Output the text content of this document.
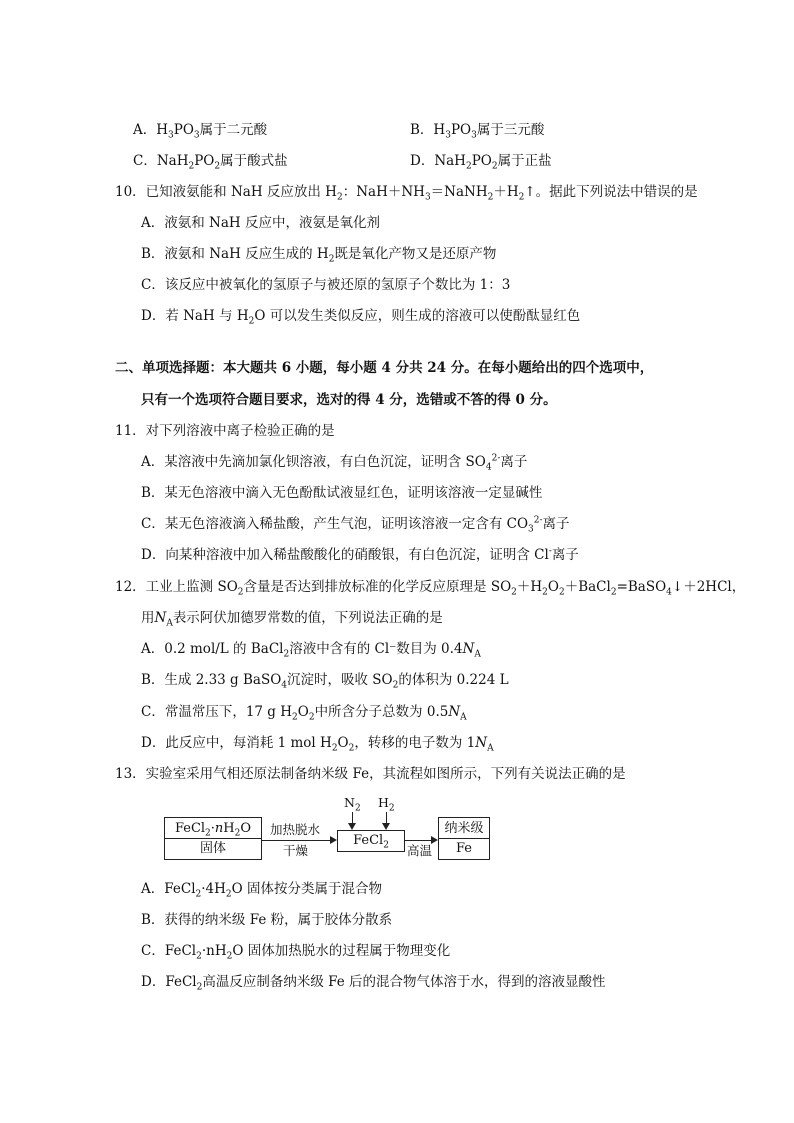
A．$H_3PO_3$属于二元酸	B．$H_3PO_3$属于三元酸
C．$NaH_2PO_2$属于酸式盐	D．$NaH_2PO_2$属于正盐
10．已知液氨能和 NaH 反应放出 $H_2$：$NaH+NH_3=NaNH_2+H_2↑$。据此下列说法中错误的是
A．液氨和 NaH 反应中，液氨是氧化剂
B．液氨和 NaH 反应生成的 $H_2$既是氧化产物又是还原产物
C．该反应中被氧化的氢原子与被还原的氢原子个数比为 1：3
D．若 NaH 与 $H_2O$ 可以发生类似反应，则生成的溶液可以使酚酞显红色
二、单项选择题：本大题共 6 小题，每小题 4 分共 24 分。在每小题给出的四个选项中，
只有一个选项符合题目要求，选对的得 4 分，选错或不答的得 0 分。
11．对下列溶液中离子检验正确的是
A．某溶液中先滴加氯化钡溶液，有白色沉淀，证明含 $SO_4^{2-}$离子
B．某无色溶液中滴入无色酚酞试液显红色，证明该溶液一定显碱性
C．某无色溶液滴入稀盐酸，产生气泡，证明该溶液一定含有 $CO_3^{2-}$离子
D．向某种溶液中加入稀盐酸酸化的硝酸银，有白色沉淀，证明含 Cl-离子
12．工业上监测 $SO_2$含量是否达到排放标准的化学反应原理是 $SO_2+H_2O_2+BaCl_2=BaSO_4↓+2HCl$，
用$N_A$表示阿伏加德罗常数的值，下列说法正确的是
A．0.2 mol/L 的 BaCl$_2$溶液中含有的 Cl⁻数目为 $0.4N_A$
B．生成 2.33 g BaSO$_4$沉淀时，吸收 $SO_2$的体积为 0.224 L
C．常温常压下，17 g $H_2O_2$中所含分子总数为 $0.5N_A$
D．此反应中，每消耗 1 mol $H_2O_2$，转移的电子数为 $1N_A$
13．实验室采用气相还原法制备纳米级 Fe，其流程如图所示，下列有关说法正确的是
$FeCl_2\cdot nH_2O$
固体
加热脱水
干燥
$N_2$ $H_2$
FeCl$_2$	高温
纳米级
Fe
A．$FeCl_2\cdot 4H_2O$ 固体按分类属于混合物
B．获得的纳米级 Fe 粉，属于胶体分散系
C．$FeCl_2\cdot nH_2O$ 固体加热脱水的过程属于物理变化
D．FeCl$_2$高温反应制备纳米级 Fe 后的混合物气体溶于水，得到的溶液显酸性
